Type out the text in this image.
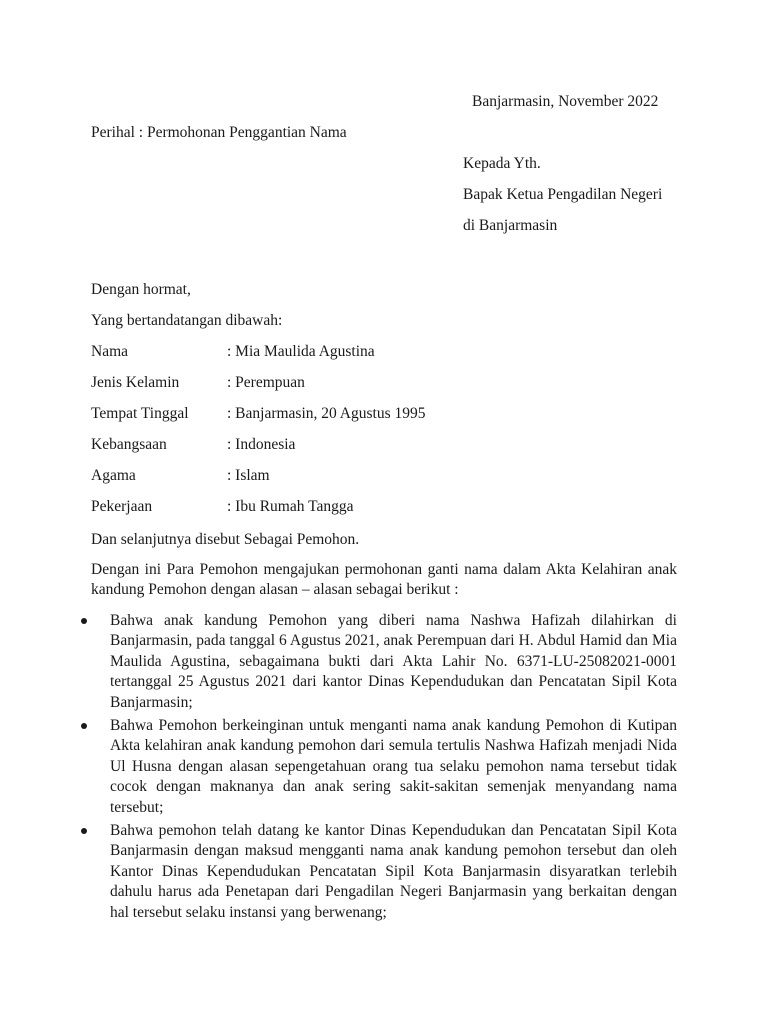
Banjarmasin, November 2022
Perihal : Permohonan Penggantian Nama
Kepada Yth.
Bapak Ketua Pengadilan Negeri
di Banjarmasin
Dengan hormat,
Yang bertandatangan dibawah:
Nama	: Mia Maulida Agustina
Jenis Kelamin	: Perempuan
Tempat Tinggal : Banjarmasin, 20 Agustus 1995
Kebangsaan	: Indonesia
Agama	: Islam
Pekerjaan	: Ibu Rumah Tangga
Dan selanjutnya disebut Sebagai Pemohon.

Dengan ini Para Pemohon mengajukan permohonan ganti nama dalam Akta Kelahiran anak kandung Pemohon dengan alasan – alasan sebagai berikut :

Bahwa anak kandung Pemohon yang diberi nama Nashwa Hafizah dilahirkan di Banjarmasin, pada tanggal 6 Agustus 2021, anak Perempuan dari H. Abdul Hamid dan Mia Maulida Agustina, sebagaimana bukti dari Akta Lahir No. 6371-LU-25082021-0001 tertanggal 25 Agustus 2021 dari kantor Dinas Kependudukan dan Pencatatan Sipil Kota Banjarmasin;
Bahwa Pemohon berkeinginan untuk menganti nama anak kandung Pemohon di Kutipan Akta kelahiran anak kandung pemohon dari semula tertulis Nashwa Hafizah menjadi Nida Ul Husna dengan alasan sepengetahuan orang tua selaku pemohon nama tersebut tidak cocok dengan maknanya dan anak sering sakit-sakitan semenjak menyandang nama tersebut;
Bahwa pemohon telah datang ke kantor Dinas Kependudukan dan Pencatatan Sipil Kota Banjarmasin dengan maksud mengganti nama anak kandung pemohon tersebut dan oleh Kantor Dinas Kependudukan Pencatatan Sipil Kota Banjarmasin disyaratkan terlebih dahulu harus ada Penetapan dari Pengadilan Negeri Banjarmasin yang berkaitan dengan hal tersebut selaku instansi yang berwenang;
